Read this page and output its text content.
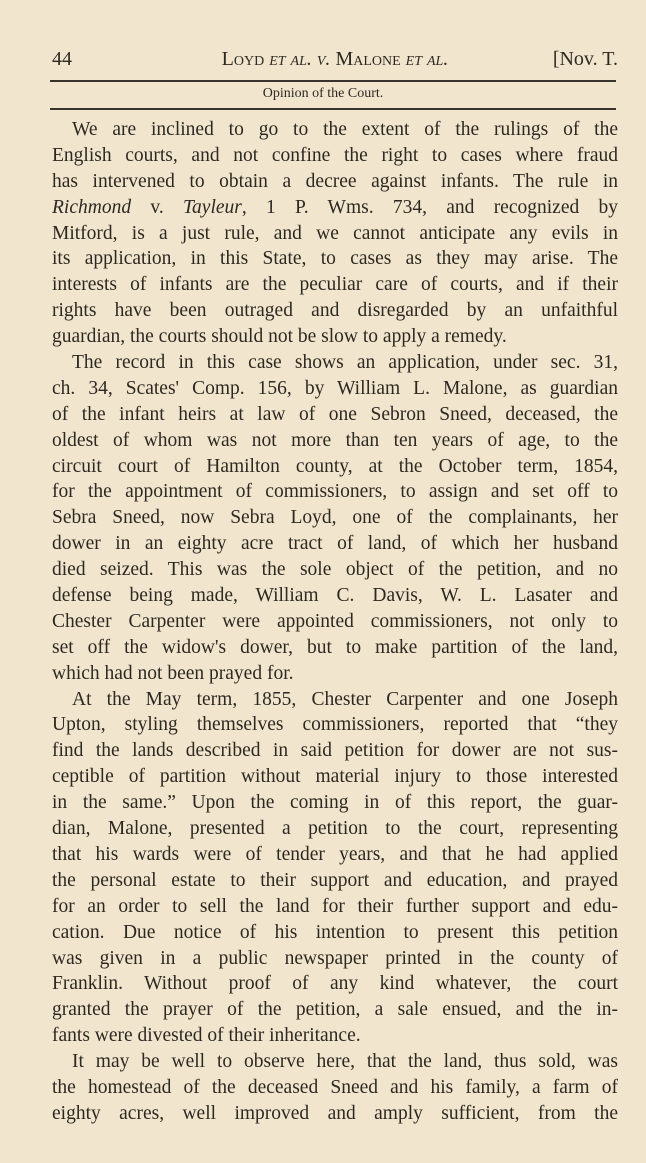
44	Loyd et al. v. Malone et al.	[Nov. T.
Opinion of the Court.
We are inclined to go to the extent of the rulings of the
English courts, and not confine the right to cases where fraud
has intervened to obtain a decree against infants. The rule in
Richmond v. Tayleur, 1 P. Wms. 734, and recognized by
Mitford, is a just rule, and we cannot anticipate any evils in
its application, in this State, to cases as they may arise. The
interests of infants are the peculiar care of courts, and if their
rights have been outraged and disregarded by an unfaithful
guardian, the courts should not be slow to apply a remedy.
The record in this case shows an application, under sec. 31,
ch. 34, Scates' Comp. 156, by William L. Malone, as guardian
of the infant heirs at law of one Sebron Sneed, deceased, the
oldest of whom was not more than ten years of age, to the
circuit court of Hamilton county, at the October term, 1854,
for the appointment of commissioners, to assign and set off to
Sebra Sneed, now Sebra Loyd, one of the complainants, her
dower in an eighty acre tract of land, of which her husband
died seized. This was the sole object of the petition, and no
defense being made, William C. Davis, W. L. Lasater and
Chester Carpenter were appointed commissioners, not only to
set off the widow's dower, but to make partition of the land,
which had not been prayed for.
At the May term, 1855, Chester Carpenter and one Joseph
Upton, styling themselves commissioners, reported that “they
find the lands described in said petition for dower are not sus-
ceptible of partition without material injury to those interested
in the same.” Upon the coming in of this report, the guar-
dian, Malone, presented a petition to the court, representing
that his wards were of tender years, and that he had applied
the personal estate to their support and education, and prayed
for an order to sell the land for their further support and edu-
cation. Due notice of his intention to present this petition
was given in a public newspaper printed in the county of
Franklin. Without proof of any kind whatever, the court
granted the prayer of the petition, a sale ensued, and the in-
fants were divested of their inheritance.
It may be well to observe here, that the land, thus sold, was
the homestead of the deceased Sneed and his family, a farm of
eighty acres, well improved and amply sufficient, from the
